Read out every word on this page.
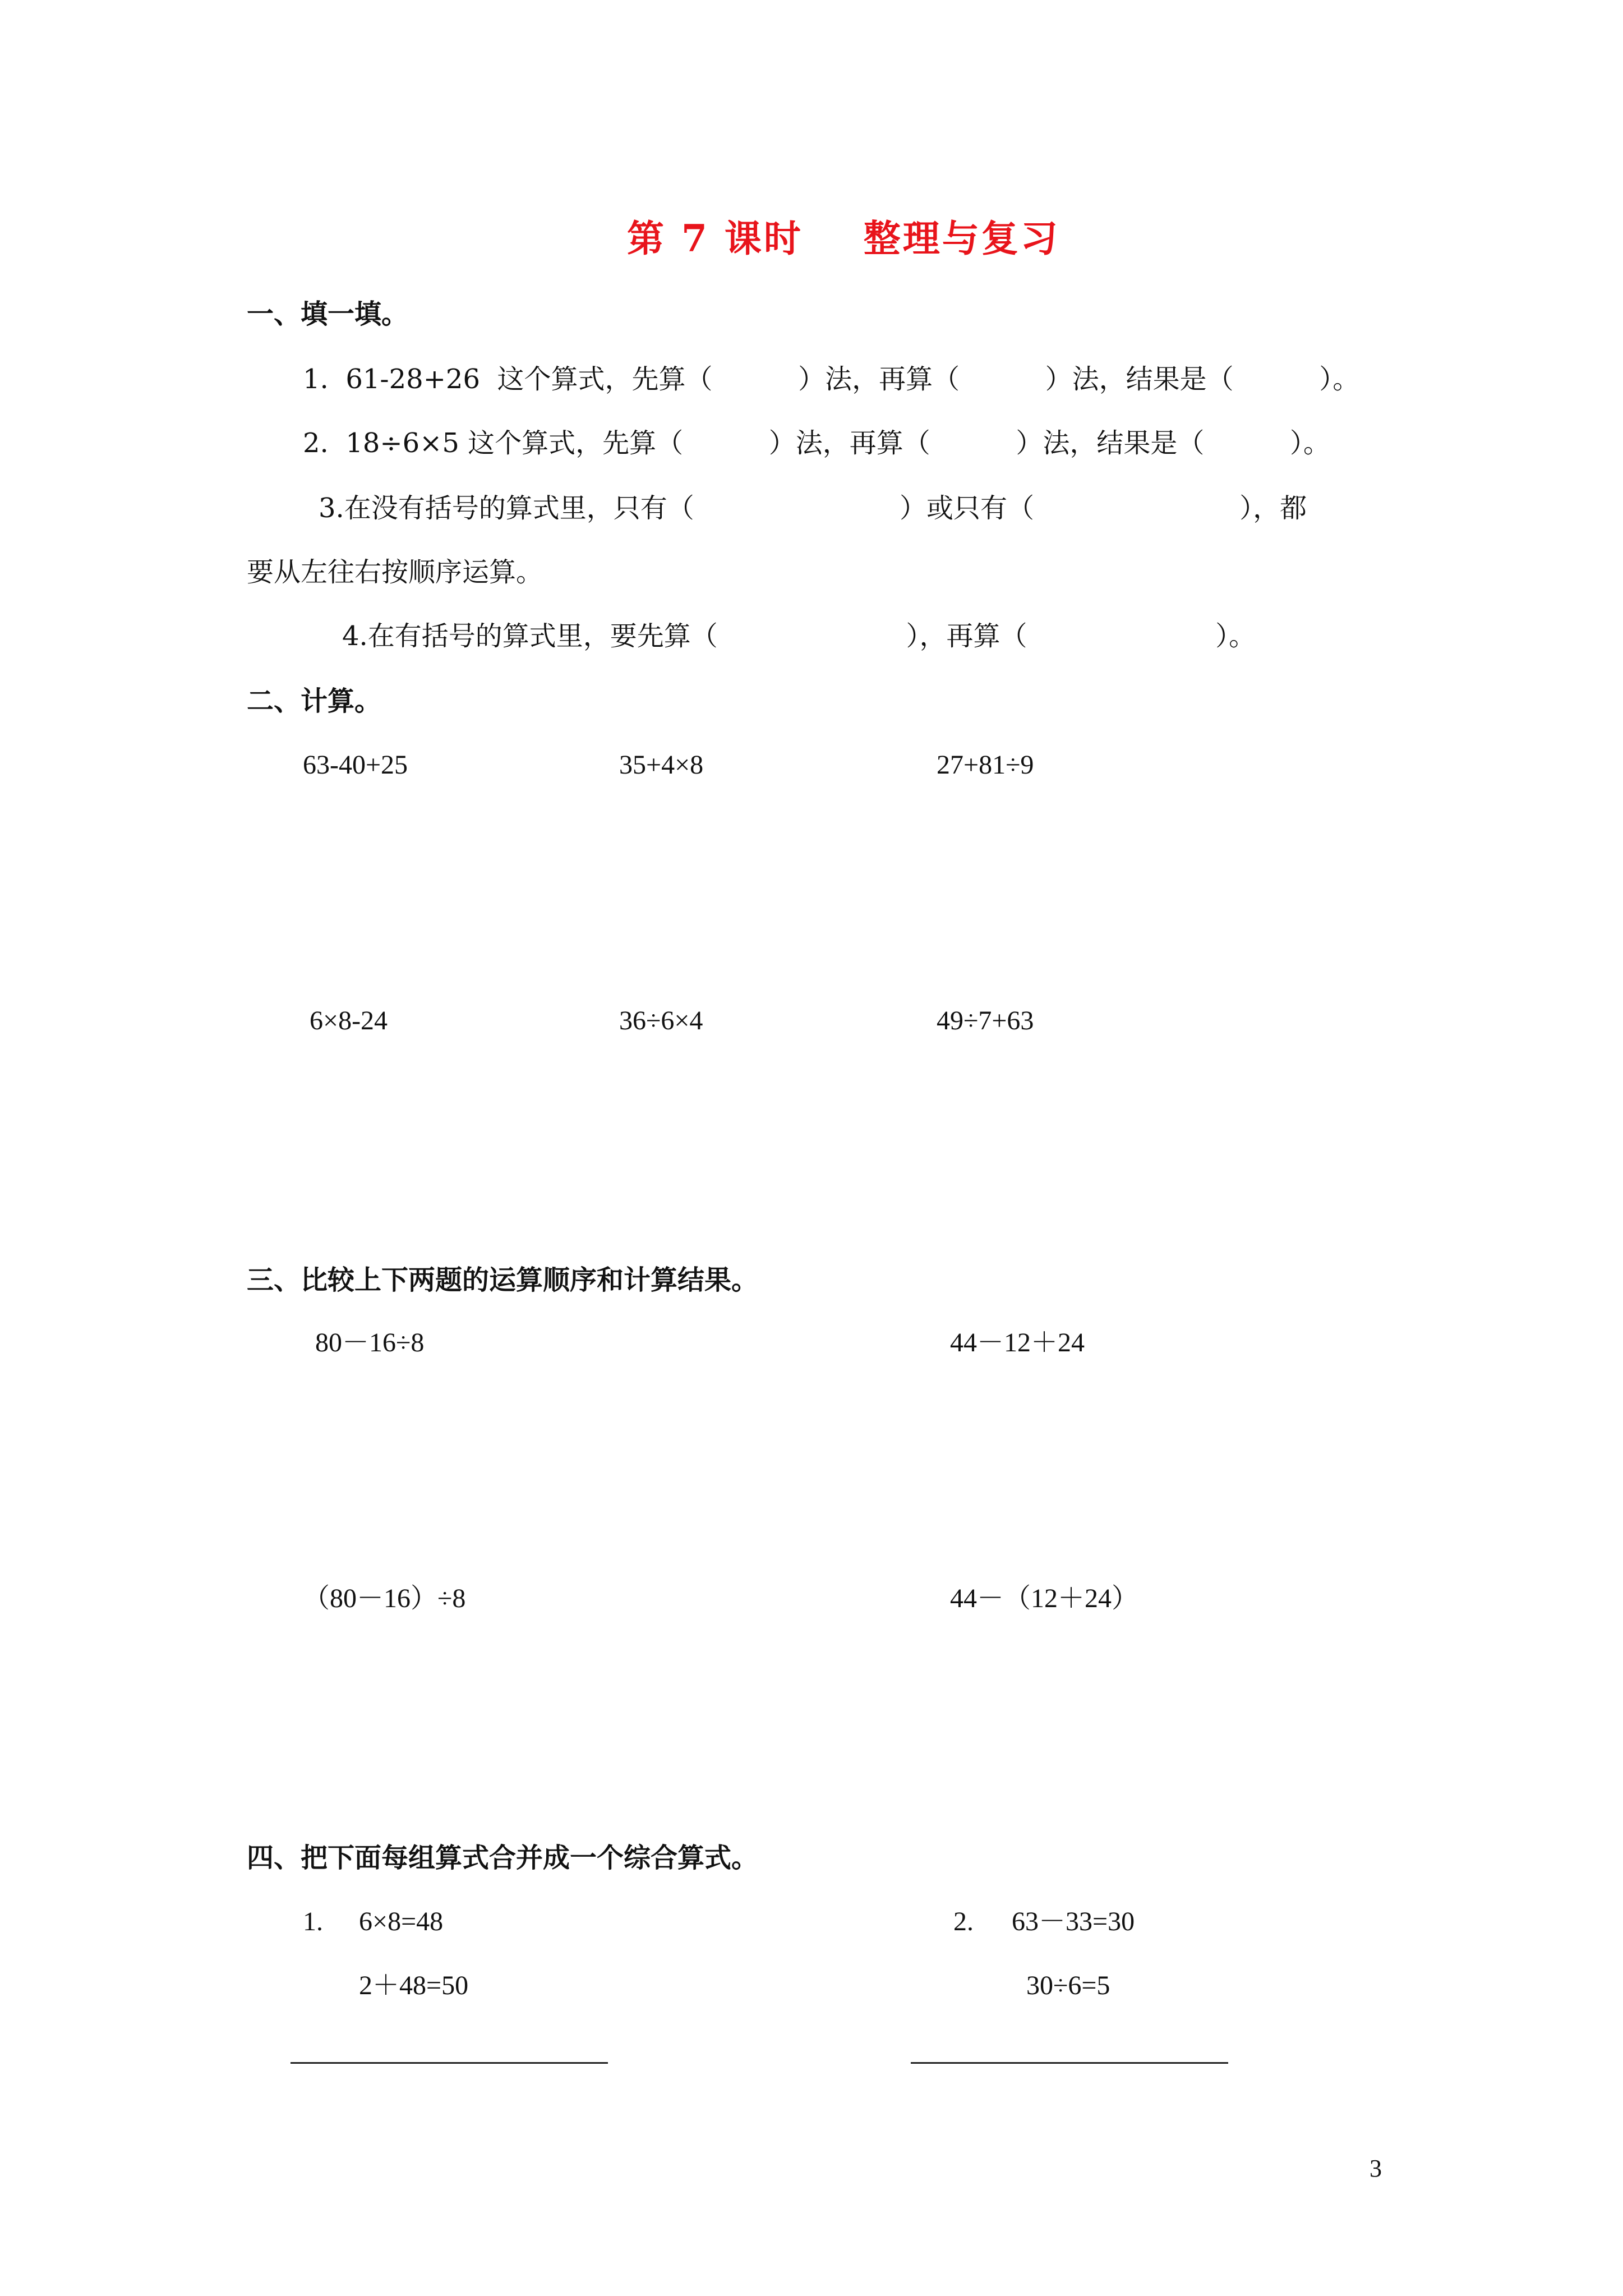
第 7 课时    整理与复习
一、填一填。
1.  61-28+26  这个算式，先算（          ）法，再算（          ）法，结果是（          ）。
2.  18÷6×5 这个算式，先算（          ）法，再算（          ）法，结果是（          ）。
3.在没有括号的算式里，只有（                        ）或只有（                        ），都
要从左往右按顺序运算。
4.在有括号的算式里，要先算（                      ），再算（                      ）。
二、计算。
63-40+25	35+4×8	27+81÷9
6×8-24	36÷6×4	49÷7+63
三、比较上下两题的运算顺序和计算结果。
80－16÷8	44－12＋24
（80－16）÷8	44－（12＋24）
四、把下面每组算式合并成一个综合算式。
1. 6×8=48
2＋48=50
2. 63－33=30
30÷6=5
3
